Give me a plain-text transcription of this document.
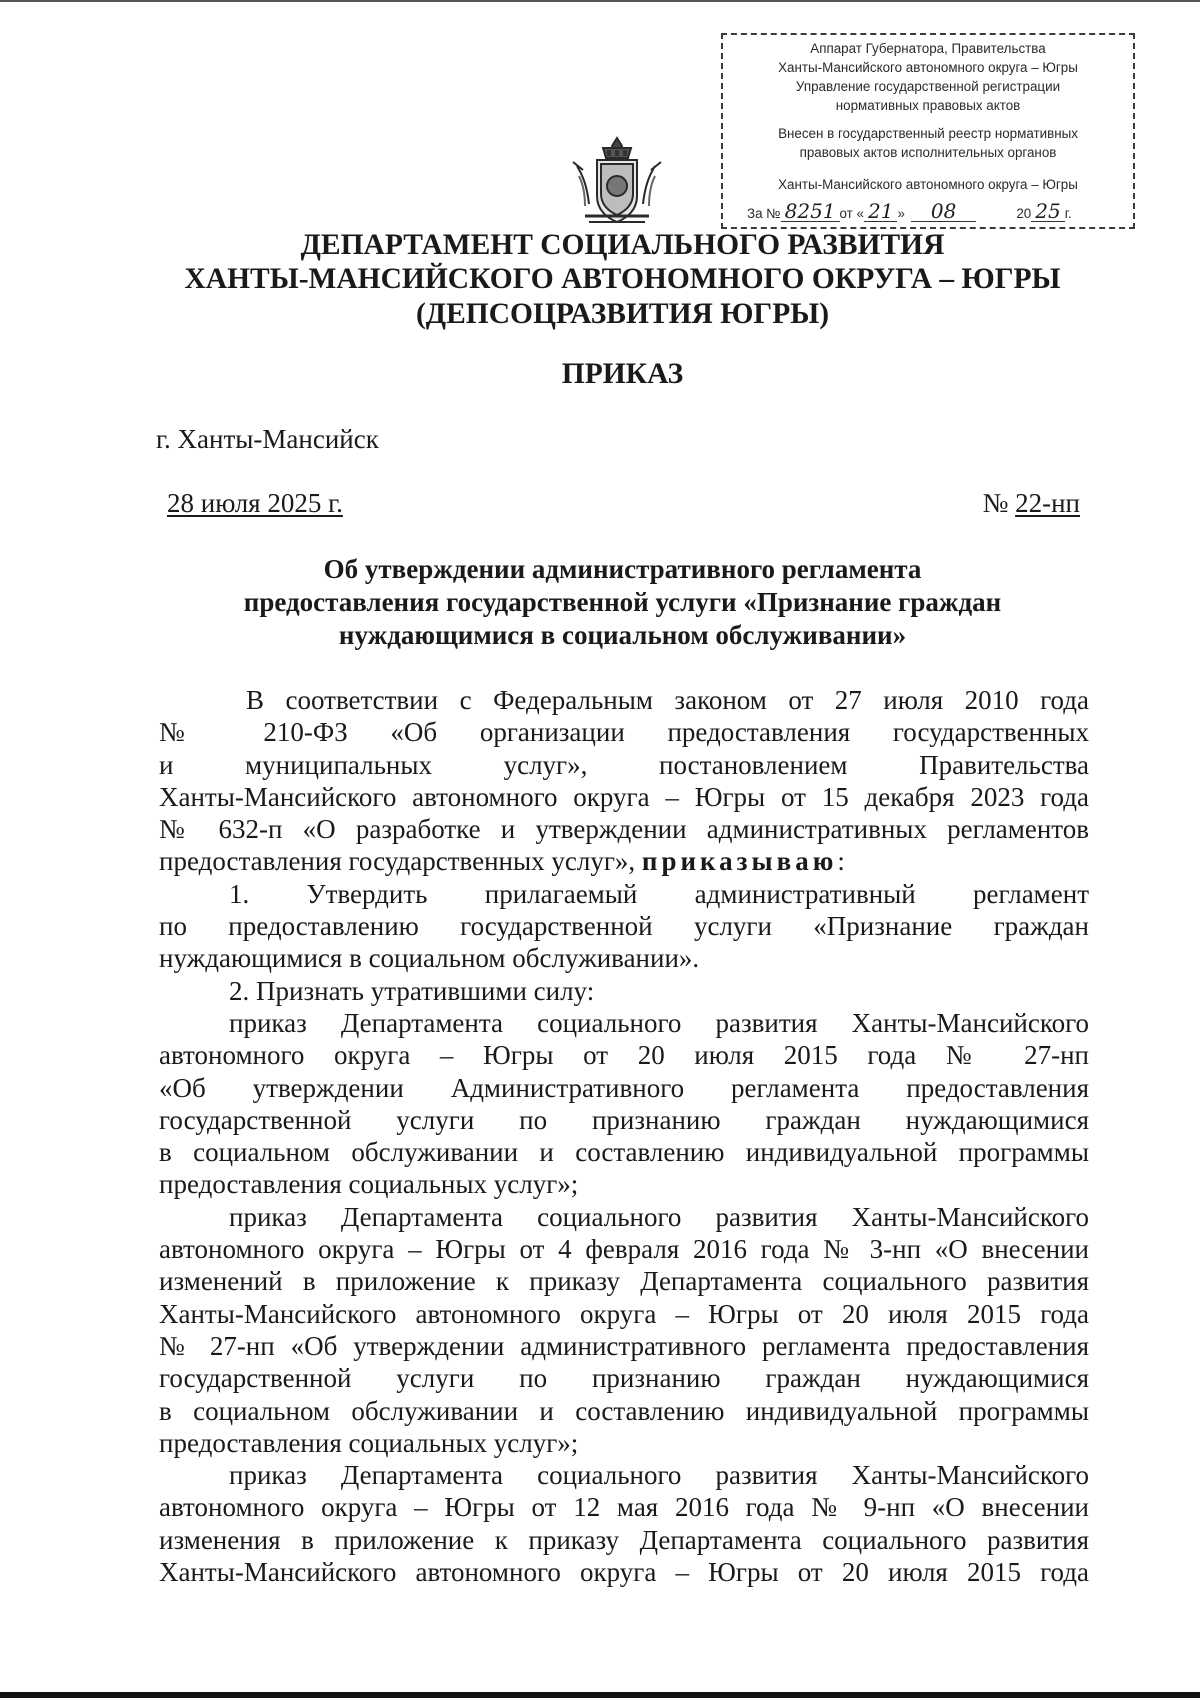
Аппарат Губернатора, Правительства
Ханты-Мансийского автономного округа – Югры
Управление государственной регистрации
нормативных правовых актов
Внесен в государственный реестр нормативных
правовых актов исполнительных органов
Ханты-Мансийского автономного округа – Югры
За № 8251 от « 21 » 08	20 25 г.
ДЕПАРТАМЕНТ СОЦИАЛЬНОГО РАЗВИТИЯ
ХАНТЫ-МАНСИЙСКОГО АВТОНОМНОГО ОКРУГА – ЮГРЫ
(ДЕПСОЦРАЗВИТИЯ ЮГРЫ)
ПРИКАЗ
г. Ханты-Мансийск
28 июля 2025 г.	№ 22-нп
Об утверждении административного регламента
предоставления государственной услуги «Признание граждан
нуждающимися в социальном обслуживании»
В соответствии с Федеральным законом от 27 июля 2010 года
№ 210-ФЗ «Об организации предоставления государственных
и муниципальных услуг», постановлением Правительства
Ханты-Мансийского автономного округа – Югры от 15 декабря 2023 года
№ 632-п «О разработке и утверждении административных регламентов
предоставления государственных услуг», приказываю:
1. Утвердить прилагаемый административный регламент
по предоставлению государственной услуги «Признание граждан
нуждающимися в социальном обслуживании».
2. Признать утратившими силу:
приказ Департамента социального развития Ханты-Мансийского
автономного округа – Югры от 20 июля 2015 года № 27-нп
«Об утверждении Административного регламента предоставления
государственной услуги по признанию граждан нуждающимися
в социальном обслуживании и составлению индивидуальной программы
предоставления социальных услуг»;
приказ Департамента социального развития Ханты-Мансийского
автономного округа – Югры от 4 февраля 2016 года № 3-нп «О внесении
изменений в приложение к приказу Департамента социального развития
Ханты-Мансийского автономного округа – Югры от 20 июля 2015 года
№ 27-нп «Об утверждении административного регламента предоставления
государственной услуги по признанию граждан нуждающимися
в социальном обслуживании и составлению индивидуальной программы
предоставления социальных услуг»;
приказ Департамента социального развития Ханты-Мансийского
автономного округа – Югры от 12 мая 2016 года № 9-нп «О внесении
изменения в приложение к приказу Департамента социального развития
Ханты-Мансийского автономного округа – Югры от 20 июля 2015 года
